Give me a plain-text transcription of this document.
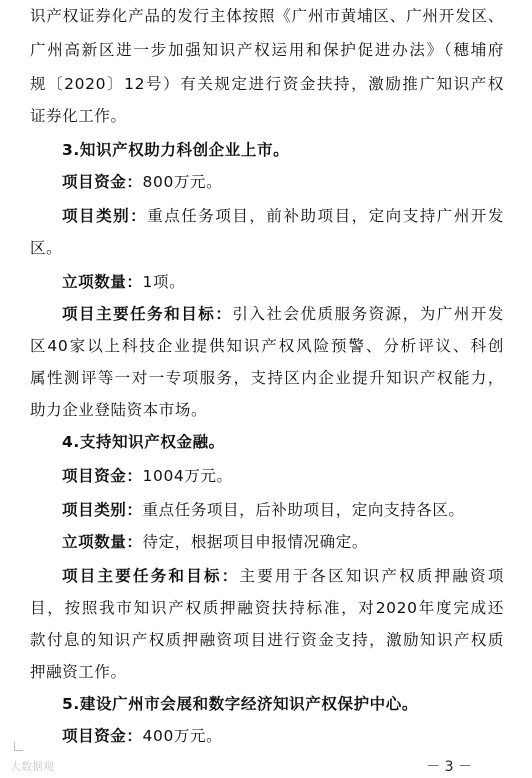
识产权证券化产品的发行主体按照《广州市黄埔区、广州开发区、
广州高新区进一步加强知识产权运用和保护促进办法》（穗埔府
规〔2020〕12号）有关规定进行资金扶持，激励推广知识产权
证券化工作。
3.知识产权助力科创企业上市。
项目资金：800万元。
项目类别：重点任务项目，前补助项目，定向支持广州开发
区。
立项数量：1项。
项目主要任务和目标：引入社会优质服务资源，为广州开发
区40家以上科技企业提供知识产权风险预警、分析评议、科创
属性测评等一对一专项服务，支持区内企业提升知识产权能力，
助力企业登陆资本市场。
4.支持知识产权金融。
项目资金：1004万元。
项目类别：重点任务项目，后补助项目，定向支持各区。
立项数量：待定，根据项目申报情况确定。
项目主要任务和目标：主要用于各区知识产权质押融资项
目，按照我市知识产权质押融资扶持标准，对2020年度完成还
款付息的知识产权质押融资项目进行资金支持，激励知识产权质
押融资工作。
5.建设广州市会展和数字经济知识产权保护中心。
项目资金：400万元。
大数据观	－ 3 －
